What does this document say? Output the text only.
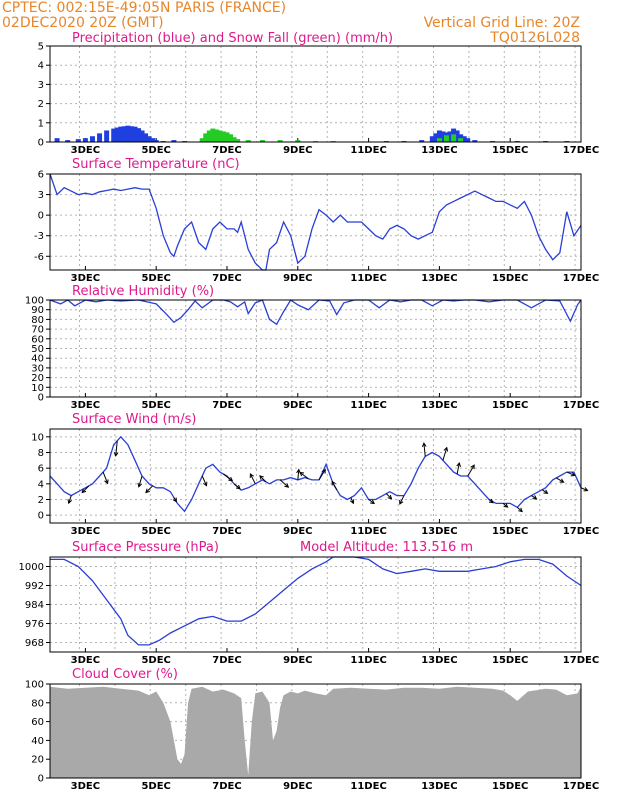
CPTEC: 002:15E-49:05N PARIS (FRANCE)
02DEC2020 20Z (GMT)	Vertical Grid Line: 20Z
TQ0126L028
Precipitation (blue) and Snow Fall (green) (mm/h)
Surface Temperature (nC)
Relative Humidity (%)
Surface Wind (m/s)
Surface Pressure (hPa)	Model Altitude: 113.516 m
Cloud Cover (%)
0
1
2
3
4
5
3DEC	5DEC	7DEC	9DEC	11DEC	13DEC	15DEC	17DEC
-6
-3
0
3
6
3DEC	5DEC	7DEC	9DEC	11DEC	13DEC	15DEC	17DEC
0
10
20
30
40
50
60
70
80
90
100
3DEC	5DEC	7DEC	9DEC	11DEC	13DEC	15DEC	17DEC
0
2
4
6
8
10
3DEC	5DEC	7DEC	9DEC	11DEC	13DEC	15DEC	17DEC
968
976
984
992
1000
3DEC	5DEC	7DEC	9DEC	11DEC	13DEC	15DEC	17DEC
0
20
40
60
80
100
3DEC	5DEC	7DEC	9DEC	11DEC	13DEC	15DEC	17DEC
